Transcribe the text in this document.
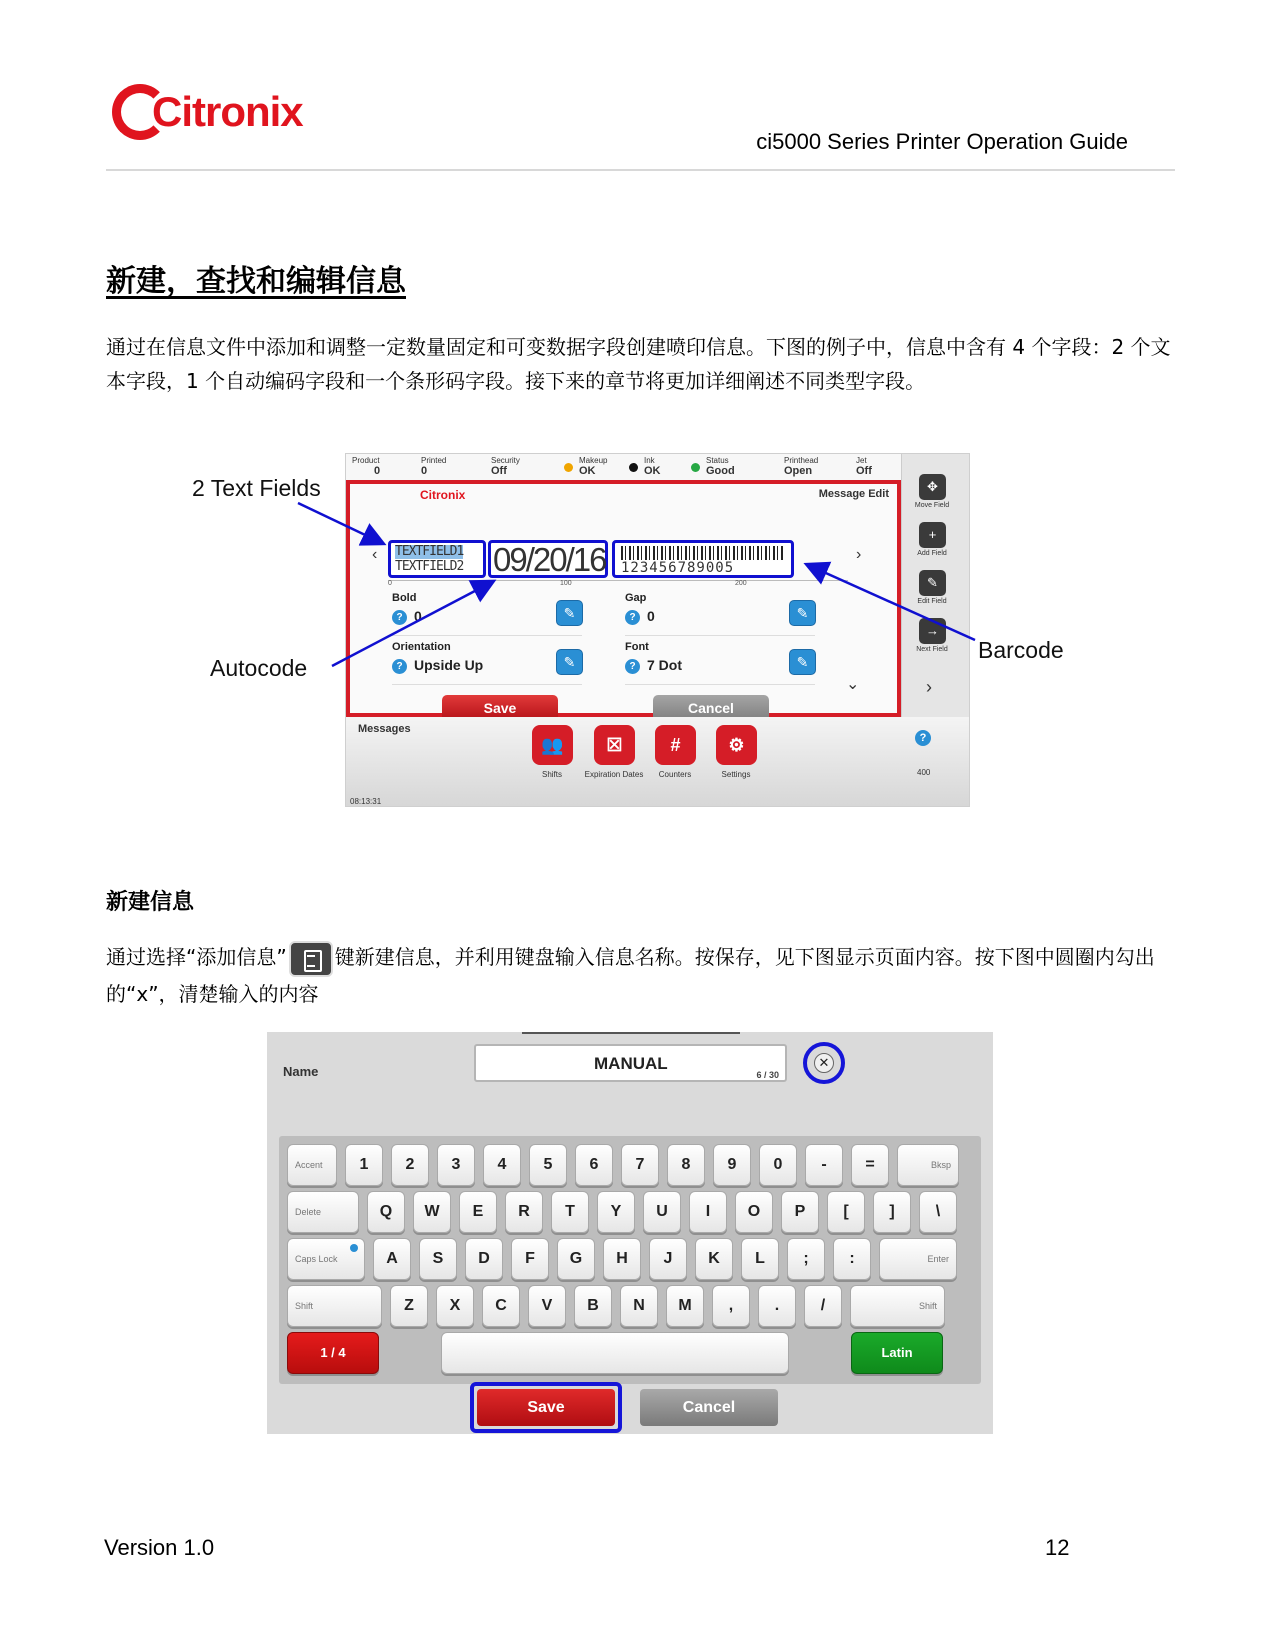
Citronix
ci5000 Series Printer Operation Guide
新建，查找和编辑信息

通过在信息文件中添加和调整一定数量固定和可变数据字段创建喷印信息。下图的例子中，信息中含有 4 个字段：2 个文本字段，1 个自动编码字段和一个条形码字段。接下来的章节将更加详细阐述不同类型字段。

Product
0
Printed
0
Security
Off
Makeup
OK
Ink
OK
Status
Good
Printhead
Open
Jet
Off
Citronix	Message Edit
‹	›
TEXTFIELD1
TEXTFIELD2 09/20/16 123456789005
0	100	200
Bold
? 0	✎
Gap
? 0	✎
Orientation
? Upside Up	✎
Font
? 7 Dot	✎
⌄
Save	Cancel
✥
Move Field
+
Add Field
✎
Edit Field
→
Next Field
›
Messages
08:13:31
👥
Shifts
☒
Expiration Dates
#
Counters
⚙
Settings
?
400
2 Text Fields
Autocode
Barcode
新建信息

通过选择“添加信息” 键新建信息，并利用键盘输入信息名称。按保存，见下图显示页面内容。按下图中圆圈内勾出的“x”，清楚输入的内容

Name	MANUAL
6 / 30
✕
Accent	1	2	3	4	5	6	7	8	9	0	-	=	Bksp
Delete	Q	W	E	R	T	Y	U	I	O	P	[	]	\
Caps Lock	A	S	D	F	G	H	J	K	L	;	:	Enter
Shift	Z	X	C	V	B	N	M	,	.	/	Shift
1 / 4	Latin
Save	Cancel
Version 1.0	12
